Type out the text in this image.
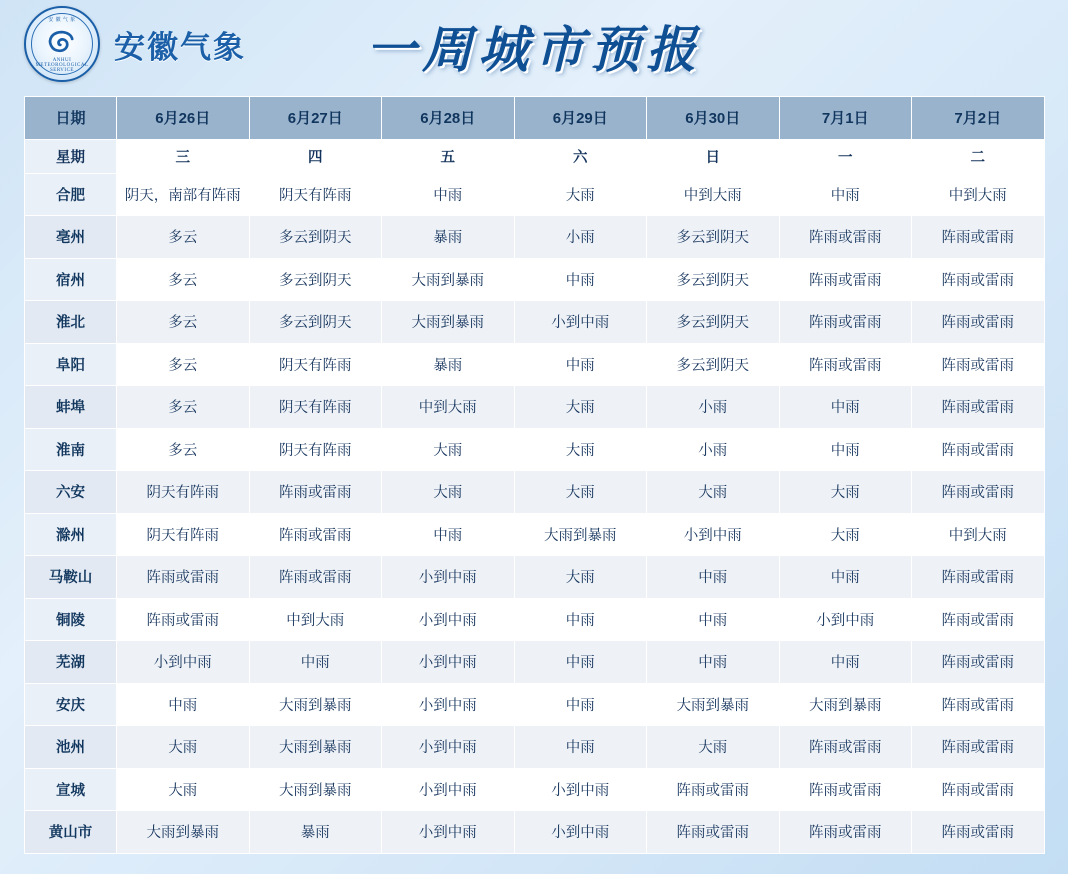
安 徽 气 象
ANHUI METEOROLOGICAL SERVICE
安徽气象	一周城市预报
日期	6月26日	6月27日	6月28日	6月29日	6月30日	7月1日	7月2日
星期	三	四	五	六	日	一	二
合肥	阴天，南部有阵雨	阴天有阵雨	中雨	大雨	中到大雨	中雨	中到大雨
亳州	多云	多云到阴天	暴雨	小雨	多云到阴天	阵雨或雷雨	阵雨或雷雨
宿州	多云	多云到阴天	大雨到暴雨	中雨	多云到阴天	阵雨或雷雨	阵雨或雷雨
淮北	多云	多云到阴天	大雨到暴雨	小到中雨	多云到阴天	阵雨或雷雨	阵雨或雷雨
阜阳	多云	阴天有阵雨	暴雨	中雨	多云到阴天	阵雨或雷雨	阵雨或雷雨
蚌埠	多云	阴天有阵雨	中到大雨	大雨	小雨	中雨	阵雨或雷雨
淮南	多云	阴天有阵雨	大雨	大雨	小雨	中雨	阵雨或雷雨
六安	阴天有阵雨	阵雨或雷雨	大雨	大雨	大雨	大雨	阵雨或雷雨
滁州	阴天有阵雨	阵雨或雷雨	中雨	大雨到暴雨	小到中雨	大雨	中到大雨
马鞍山	阵雨或雷雨	阵雨或雷雨	小到中雨	大雨	中雨	中雨	阵雨或雷雨
铜陵	阵雨或雷雨	中到大雨	小到中雨	中雨	中雨	小到中雨	阵雨或雷雨
芜湖	小到中雨	中雨	小到中雨	中雨	中雨	中雨	阵雨或雷雨
安庆	中雨	大雨到暴雨	小到中雨	中雨	大雨到暴雨	大雨到暴雨	阵雨或雷雨
池州	大雨	大雨到暴雨	小到中雨	中雨	大雨	阵雨或雷雨	阵雨或雷雨
宣城	大雨	大雨到暴雨	小到中雨	小到中雨	阵雨或雷雨	阵雨或雷雨	阵雨或雷雨
黄山市	大雨到暴雨	暴雨	小到中雨	小到中雨	阵雨或雷雨	阵雨或雷雨	阵雨或雷雨
